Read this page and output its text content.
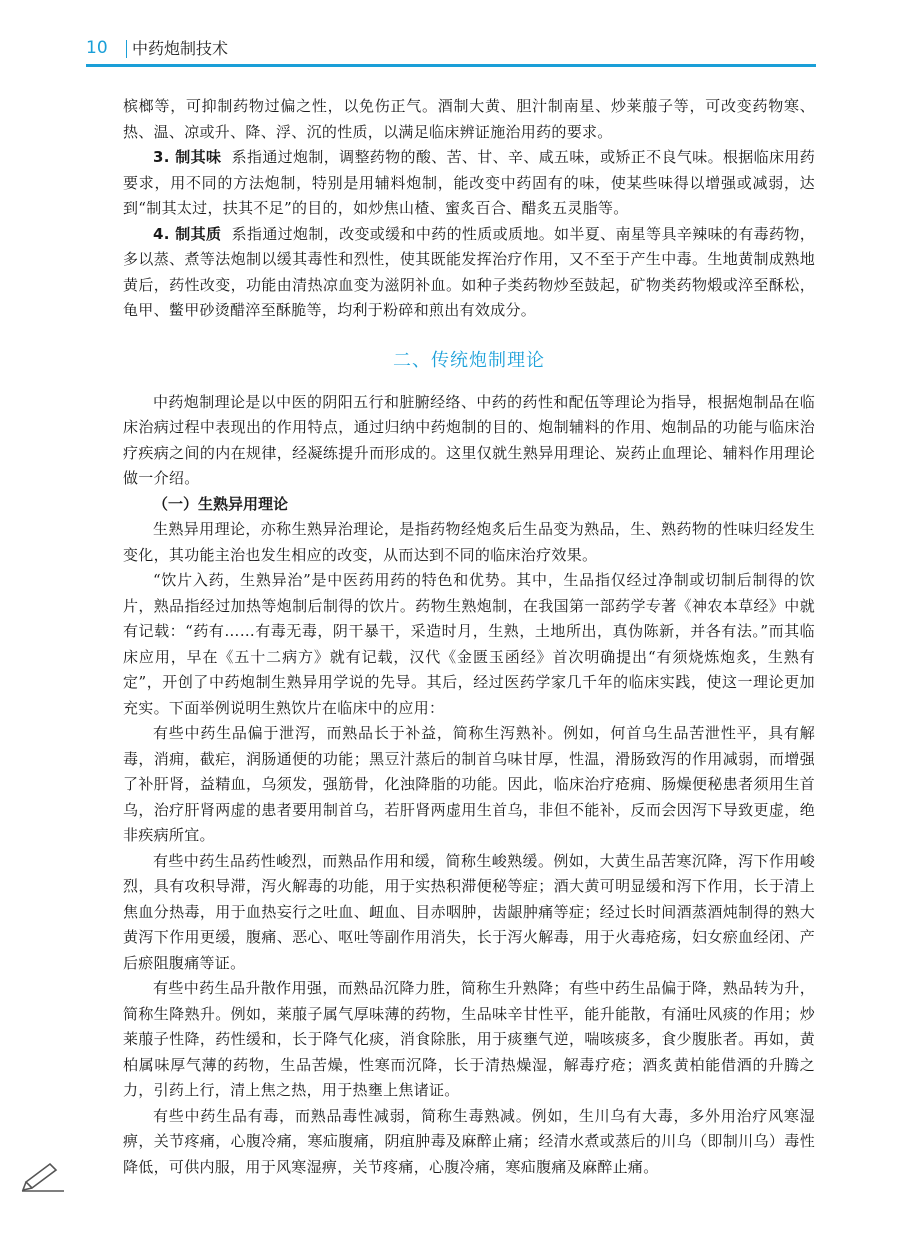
10 中药炮制技术

槟榔等，可抑制药物过偏之性，以免伤正气。酒制大黄、胆汁制南星、炒莱菔子等，可改变药物寒、热、温、凉或升、降、浮、沉的性质，以满足临床辨证施治用药的要求。

3. 制其味 系指通过炮制，调整药物的酸、苦、甘、辛、咸五味，或矫正不良气味。根据临床用药要求，用不同的方法炮制，特别是用辅料炮制，能改变中药固有的味，使某些味得以增强或减弱，达到“制其太过，扶其不足”的目的，如炒焦山楂、蜜炙百合、醋炙五灵脂等。

4. 制其质 系指通过炮制，改变或缓和中药的性质或质地。如半夏、南星等具辛辣味的有毒药物，多以蒸、煮等法炮制以缓其毒性和烈性，使其既能发挥治疗作用，又不至于产生中毒。生地黄制成熟地黄后，药性改变，功能由清热凉血变为滋阴补血。如种子类药物炒至鼓起，矿物类药物煅或淬至酥松，龟甲、鳖甲砂烫醋淬至酥脆等，均利于粉碎和煎出有效成分。

二、传统炮制理论

中药炮制理论是以中医的阴阳五行和脏腑经络、中药的药性和配伍等理论为指导，根据炮制品在临床治病过程中表现出的作用特点，通过归纳中药炮制的目的、炮制辅料的作用、炮制品的功能与临床治疗疾病之间的内在规律，经凝练提升而形成的。这里仅就生熟异用理论、炭药止血理论、辅料作用理论做一介绍。

（一）生熟异用理论

生熟异用理论，亦称生熟异治理论，是指药物经炮炙后生品变为熟品，生、熟药物的性味归经发生变化，其功能主治也发生相应的改变，从而达到不同的临床治疗效果。

“饮片入药，生熟异治”是中医药用药的特色和优势。其中，生品指仅经过净制或切制后制得的饮片，熟品指经过加热等炮制后制得的饮片。药物生熟炮制，在我国第一部药学专著《神农本草经》中就有记载：“药有……有毒无毒，阴干暴干，采造时月，生熟，土地所出，真伪陈新，并各有法。”而其临床应用，早在《五十二病方》就有记载，汉代《金匮玉函经》首次明确提出“有须烧炼炮炙，生熟有定”，开创了中药炮制生熟异用学说的先导。其后，经过医药学家几千年的临床实践，使这一理论更加充实。下面举例说明生熟饮片在临床中的应用：

有些中药生品偏于泄泻，而熟品长于补益，简称生泻熟补。例如，何首乌生品苦泄性平，具有解毒，消痈，截疟，润肠通便的功能；黑豆汁蒸后的制首乌味甘厚，性温，滑肠致泻的作用减弱，而增强了补肝肾，益精血，乌须发，强筋骨，化浊降脂的功能。因此，临床治疗疮痈、肠燥便秘患者须用生首乌，治疗肝肾两虚的患者要用制首乌，若肝肾两虚用生首乌，非但不能补，反而会因泻下导致更虚，绝非疾病所宜。

有些中药生品药性峻烈，而熟品作用和缓，简称生峻熟缓。例如，大黄生品苦寒沉降，泻下作用峻烈，具有攻积导滞，泻火解毒的功能，用于实热积滞便秘等症；酒大黄可明显缓和泻下作用，长于清上焦血分热毒，用于血热妄行之吐血、衄血、目赤咽肿，齿龈肿痛等症；经过长时间酒蒸酒炖制得的熟大黄泻下作用更缓，腹痛、恶心、呕吐等副作用消失，长于泻火解毒，用于火毒疮疡，妇女瘀血经闭、产后瘀阻腹痛等证。

有些中药生品升散作用强，而熟品沉降力胜，简称生升熟降；有些中药生品偏于降，熟品转为升，简称生降熟升。例如，莱菔子属气厚味薄的药物，生品味辛甘性平，能升能散，有涌吐风痰的作用；炒莱菔子性降，药性缓和，长于降气化痰，消食除胀，用于痰壅气逆，喘咳痰多，食少腹胀者。再如，黄柏属味厚气薄的药物，生品苦燥，性寒而沉降，长于清热燥湿，解毒疗疮；酒炙黄柏能借酒的升腾之力，引药上行，清上焦之热，用于热壅上焦诸证。

有些中药生品有毒，而熟品毒性减弱，简称生毒熟减。例如，生川乌有大毒，多外用治疗风寒湿痹，关节疼痛，心腹冷痛，寒疝腹痛，阴疽肿毒及麻醉止痛；经清水煮或蒸后的川乌（即制川乌）毒性降低，可供内服，用于风寒湿痹，关节疼痛，心腹冷痛，寒疝腹痛及麻醉止痛。
